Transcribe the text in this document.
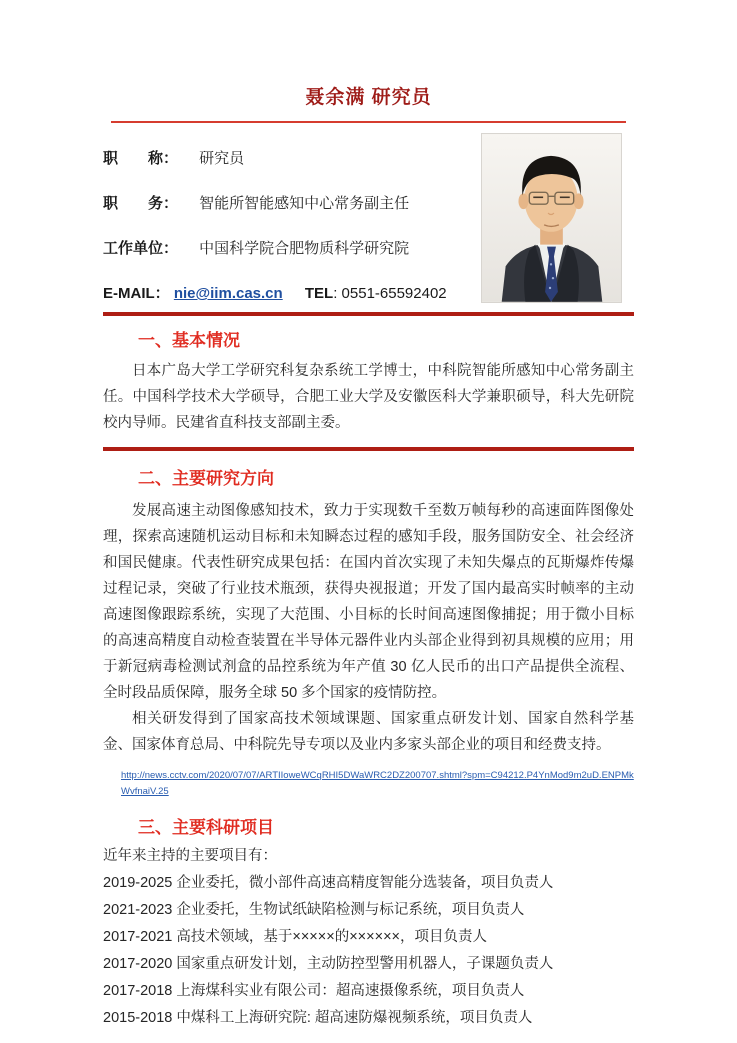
聂余满 研究员
职　　称： 研究员
职　　务： 智能所智能感知中心常务副主任
工作单位： 中国科学院合肥物质科学研究院
E-MAIL： nie@iim.cas.cn TEL: 0551-65592402
一、基本情况
日本广岛大学工学研究科复杂系统工学博士，中科院智能所感知中心常务副主任。中国科学技术大学硕导，合肥工业大学及安徽医科大学兼职硕导，科大先研院校内导师。民建省直科技支部副主委。
二、主要研究方向
发展高速主动图像感知技术，致力于实现数千至数万帧每秒的高速面阵图像处理，探索高速随机运动目标和未知瞬态过程的感知手段，服务国防安全、社会经济和国民健康。代表性研究成果包括：在国内首次实现了未知失爆点的瓦斯爆炸传爆过程记录，突破了行业技术瓶颈，获得央视报道；开发了国内最高实时帧率的主动高速图像跟踪系统，实现了大范围、小目标的长时间高速图像捕捉；用于微小目标的高速高精度自动检查装置在半导体元器件业内头部企业得到初具规模的应用；用于新冠病毒检测试剂盒的品控系统为年产值 30 亿人民币的出口产品提供全流程、全时段品质保障，服务全球 50 多个国家的疫情防控。
相关研发得到了国家高技术领域课题、国家重点研发计划、国家自然科学基金、国家体育总局、中科院先导专项以及业内多家头部企业的项目和经费支持。
http://news.cctv.com/2020/07/07/ARTIIoweWCqRHI5DWaWRC2DZ200707.shtml?spm=C94212.P4YnMod9m2uD.ENPMkWvfnaiV.25
三、主要科研项目
近年来主持的主要项目有：
2019-2025 企业委托，微小部件高速高精度智能分选装备，项目负责人
2021-2023 企业委托，生物试纸缺陷检测与标记系统，项目负责人
2017-2021 高技术领域，基于×××××的××××××，项目负责人
2017-2020 国家重点研发计划，主动防控型警用机器人，子课题负责人
2017-2018 上海煤科实业有限公司：超高速摄像系统，项目负责人
2015-2018 中煤科工上海研究院: 超高速防爆视频系统，项目负责人
